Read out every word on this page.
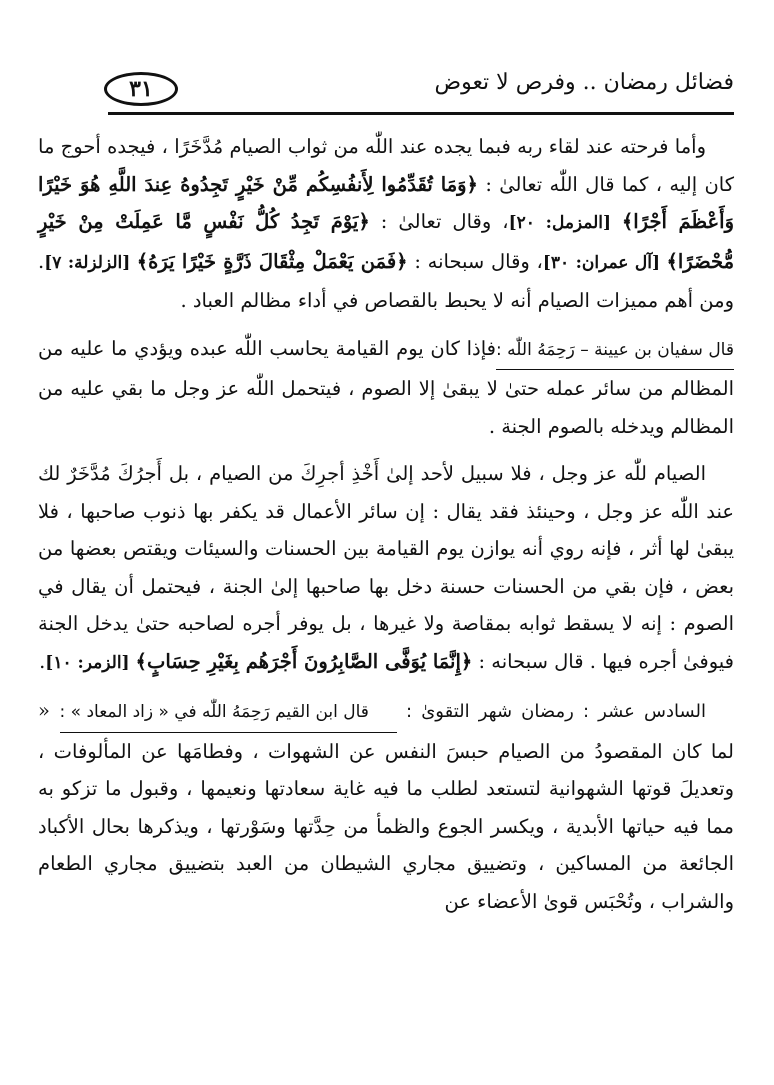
فضائل رمضان .. وفرص لا تعوض
٣١

وأما فرحته عند لقاء ربه فبما يجده عند اللّٰه من ثواب الصيام مُدَّخَرًا ، فيجده أحوج ما كان إليه ، كما قال اللّٰه تعالىٰ : ﴿وَمَا تُقَدِّمُوا لِأَنفُسِكُم مِّنْ خَيْرٍ تَجِدُوهُ عِندَ اللَّهِ هُوَ خَيْرًا وَأَعْظَمَ أَجْرًا﴾ [المزمل: ٢٠]، وقال تعالىٰ : ﴿يَوْمَ تَجِدُ كُلُّ نَفْسٍ مَّا عَمِلَتْ مِنْ خَيْرٍ مُّحْضَرًا﴾ [آل عمران: ٣٠]، وقال سبحانه : ﴿فَمَن يَعْمَلْ مِثْقَالَ ذَرَّةٍ خَيْرًا يَرَهُ﴾ [الزلزلة: ٧]. ومن أهم مميزات الصيام أنه لا يحبط بالقصاص في أداء مظالم العباد .

قال سفيان بن عيينة – رَحِمَهُ اللّٰه :فإذا كان يوم القيامة يحاسب اللّٰه عبده ويؤدي ما عليه من المظالم من سائر عمله حتىٰ لا يبقىٰ إلا الصوم ، فيتحمل اللّٰه عز وجل ما بقي عليه من المظالم ويدخله بالصوم الجنة .

الصيام للّٰه عز وجل ، فلا سبيل لأحد إلىٰ أَخْذِ أجرِكَ من الصيام ، بل أَجرُكَ مُدَّخَرٌ لك عند اللّٰه عز وجل ، وحينئذ فقد يقال : إن سائر الأعمال قد يكفر بها ذنوب صاحبها ، فلا يبقىٰ لها أثر ، فإنه روي أنه يوازن يوم القيامة بين الحسنات والسيئات ويقتص بعضها من بعض ، فإن بقي من الحسنات حسنة دخل بها صاحبها إلىٰ الجنة ، فيحتمل أن يقال في الصوم : إنه لا يسقط ثوابه بمقاصة ولا غيرها ، بل يوفر أجره لصاحبه حتىٰ يدخل الجنة فيوفىٰ أجره فيها . قال سبحانه : ﴿إِنَّمَا يُوَفَّى الصَّابِرُونَ أَجْرَهُم بِغَيْرِ حِسَابٍ﴾ [الزمر: ١٠].

السادس عشر : رمضان شهر التقوىٰ : قال ابن القيم رَحِمَهُ اللّٰه في « زاد المعاد » : « لما كان المقصودُ من الصيام حبسَ النفس عن الشهوات ، وفطامَها عن المألوفات ، وتعديلَ قوتها الشهوانية لتستعد لطلب ما فيه غاية سعادتها ونعيمها ، وقبول ما تزكو به مما فيه حياتها الأبدية ، ويكسر الجوع والظمأ من حِدَّتها وسَوْرتها ، ويذكرها بحال الأكباد الجائعة من المساكين ، وتضييق مجاري الشيطان من العبد بتضييق مجاري الطعام والشراب ، وتُحْبَس قوىٰ الأعضاء عن
